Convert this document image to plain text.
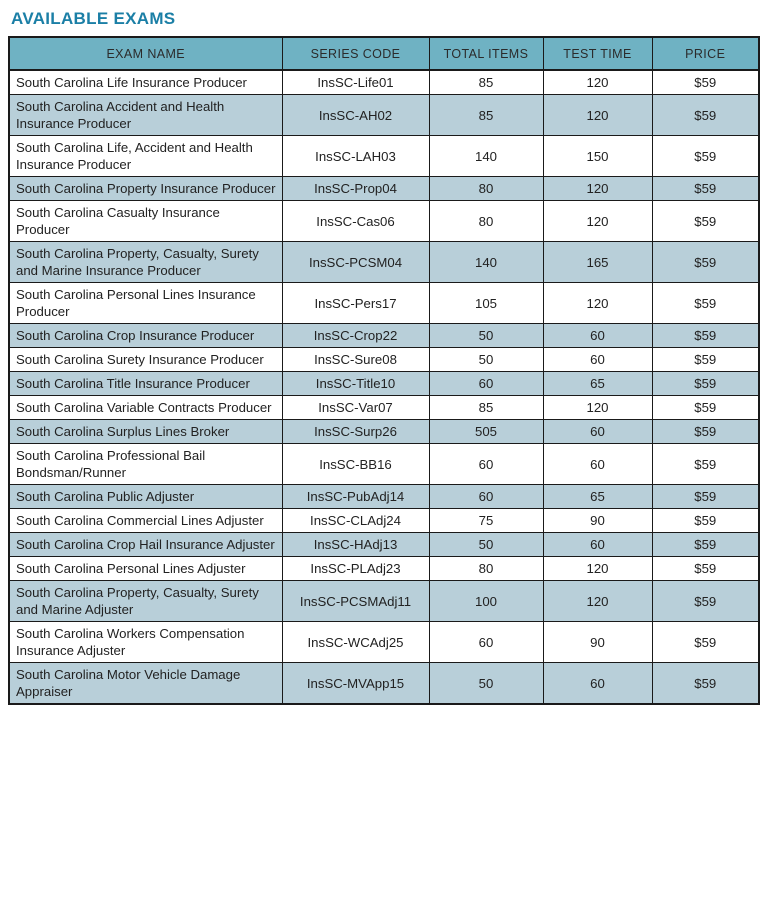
AVAILABLE EXAMS
EXAM NAME	SERIES CODE	TOTAL ITEMS	TEST TIME	PRICE
South Carolina Life Insurance Producer	InsSC-Life01	85	120	$59
South Carolina Accident and Health Insurance Producer	InsSC-AH02	85	120	$59
South Carolina Life, Accident and Health Insurance Producer	InsSC-LAH03	140	150	$59
South Carolina Property Insurance Producer	InsSC-Prop04	80	120	$59
South Carolina Casualty Insurance Producer	InsSC-Cas06	80	120	$59
South Carolina Property, Casualty, Surety and Marine Insurance Producer	InsSC-PCSM04	140	165	$59
South Carolina Personal Lines Insurance Producer	InsSC-Pers17	105	120	$59
South Carolina Crop Insurance Producer	InsSC-Crop22	50	60	$59
South Carolina Surety Insurance Producer	InsSC-Sure08	50	60	$59
South Carolina Title Insurance Producer	InsSC-Title10	60	65	$59
South Carolina Variable Contracts Producer	InsSC-Var07	85	120	$59
South Carolina Surplus Lines Broker	InsSC-Surp26	505	60	$59
South Carolina Professional Bail Bondsman/Runner	InsSC-BB16	60	60	$59
South Carolina Public Adjuster	InsSC-PubAdj14	60	65	$59
South Carolina Commercial Lines Adjuster	InsSC-CLAdj24	75	90	$59
South Carolina Crop Hail Insurance Adjuster	InsSC-HAdj13	50	60	$59
South Carolina Personal Lines Adjuster	InsSC-PLAdj23	80	120	$59
South Carolina Property, Casualty, Surety and Marine Adjuster	InsSC-PCSMAdj11	100	120	$59
South Carolina Workers Compensation Insurance Adjuster	InsSC-WCAdj25	60	90	$59
South Carolina Motor Vehicle Damage Appraiser	InsSC-MVApp15	50	60	$59
